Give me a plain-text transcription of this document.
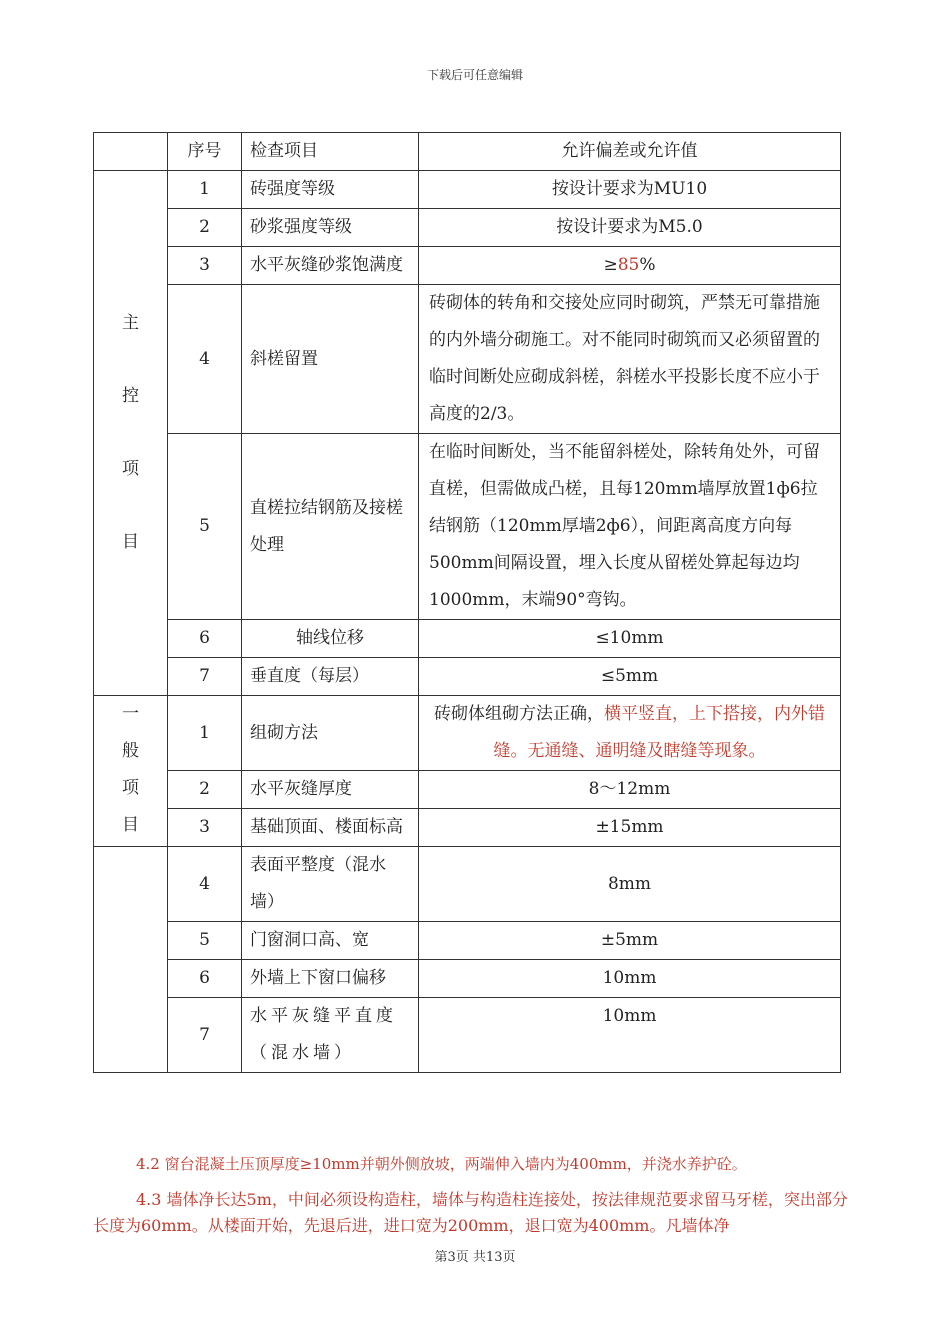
下载后可任意编辑
	序号	检查项目	允许偏差或允许值

主
控
项
目	1	砖强度等级	按设计要求为MU10
	2	砂浆强度等级	按设计要求为M5.0
	3	水平灰缝砂浆饱满度	≥85%
	4	斜槎留置	砖砌体的转角和交接处应同时砌筑，严禁无可靠措施的内外墙分砌施工。对不能同时砌筑而又必须留置的临时间断处应砌成斜槎，斜槎水平投影长度不应小于高度的2/3。
	5	直槎拉结钢筋及接槎处理	在临时间断处，当不能留斜槎处，除转角处外，可留直槎，但需做成凸槎，且每120mm墙厚放置1ф6拉结钢筋（120mm厚墙2ф6），间距离高度方向每500mm间隔设置，埋入长度从留槎处算起每边均1000mm，末端90°弯钩。
	6	轴线位移	≤10mm
	7	垂直度（每层）	≤5mm

一
般
项
目	1	组砌方法	砖砌体组砌方法正确，横平竖直，上下搭接，内外错缝。无通缝、通明缝及瞎缝等现象。
	2	水平灰缝厚度	8～12mm
	3	基础顶面、楼面标高	±15mm
	4	表面平整度（混水墙）	8mm
	5	门窗洞口高、宽	±5mm
	6	外墙上下窗口偏移	10mm
	7	水平灰缝平直度（混水墙）	10mm
4.2 窗台混凝土压顶厚度≥10mm并朝外侧放坡，两端伸入墙内为400mm，并浇水养护砼。
4.3 墙体净长达5m，中间必须设构造柱，墙体与构造柱连接处，按法律规范要求留马牙槎，突出部分长度为60mm。从楼面开始，先退后进，进口宽为200mm，退口宽为400mm。凡墙体净
第3页 共13页
